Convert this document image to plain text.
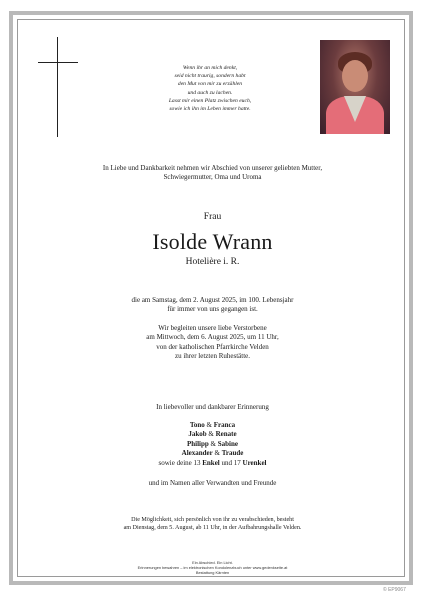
Wenn ihr an mich denkt,
seid nicht traurig, sondern habt
den Mut von mir zu erzählen
und auch zu lachen.
Lasst mir einen Platz zwischen euch,
sowie ich ihn im Leben immer hatte.
In Liebe und Dankbarkeit nehmen wir Abschied von unserer geliebten Mutter,
Schwiegermutter, Oma und Uroma
Frau
Isolde Wrann
Hotelière i. R.
die am Samstag, dem 2. August 2025, im 100. Lebensjahr
für immer von uns gegangen ist.
Wir begleiten unsere liebe Verstorbene
am Mittwoch, dem 6. August 2025, um 11 Uhr,
von der katholischen Pfarrkirche Velden
zu ihrer letzten Ruhestätte.
In liebevoller und dankbarer Erinnerung
Tono & Franca
Jakob & Renate
Philipp & Sabine
Alexander & Traude
sowie deine 13 Enkel und 17 Urenkel
und im Namen aller Verwandten und Freunde
Die Möglichkeit, sich persönlich von ihr zu verabschieden, besteht
am Dienstag, dem 5. August, ab 11 Uhr, in der Aufbahrungshalle Velden.
Ein Abschied. Ein Licht.
Erinnerungen bewahren – im elektronischen Kondolenzbuch unter www.gedenkseite.at
Bestattung Kärnten
© EP9067
